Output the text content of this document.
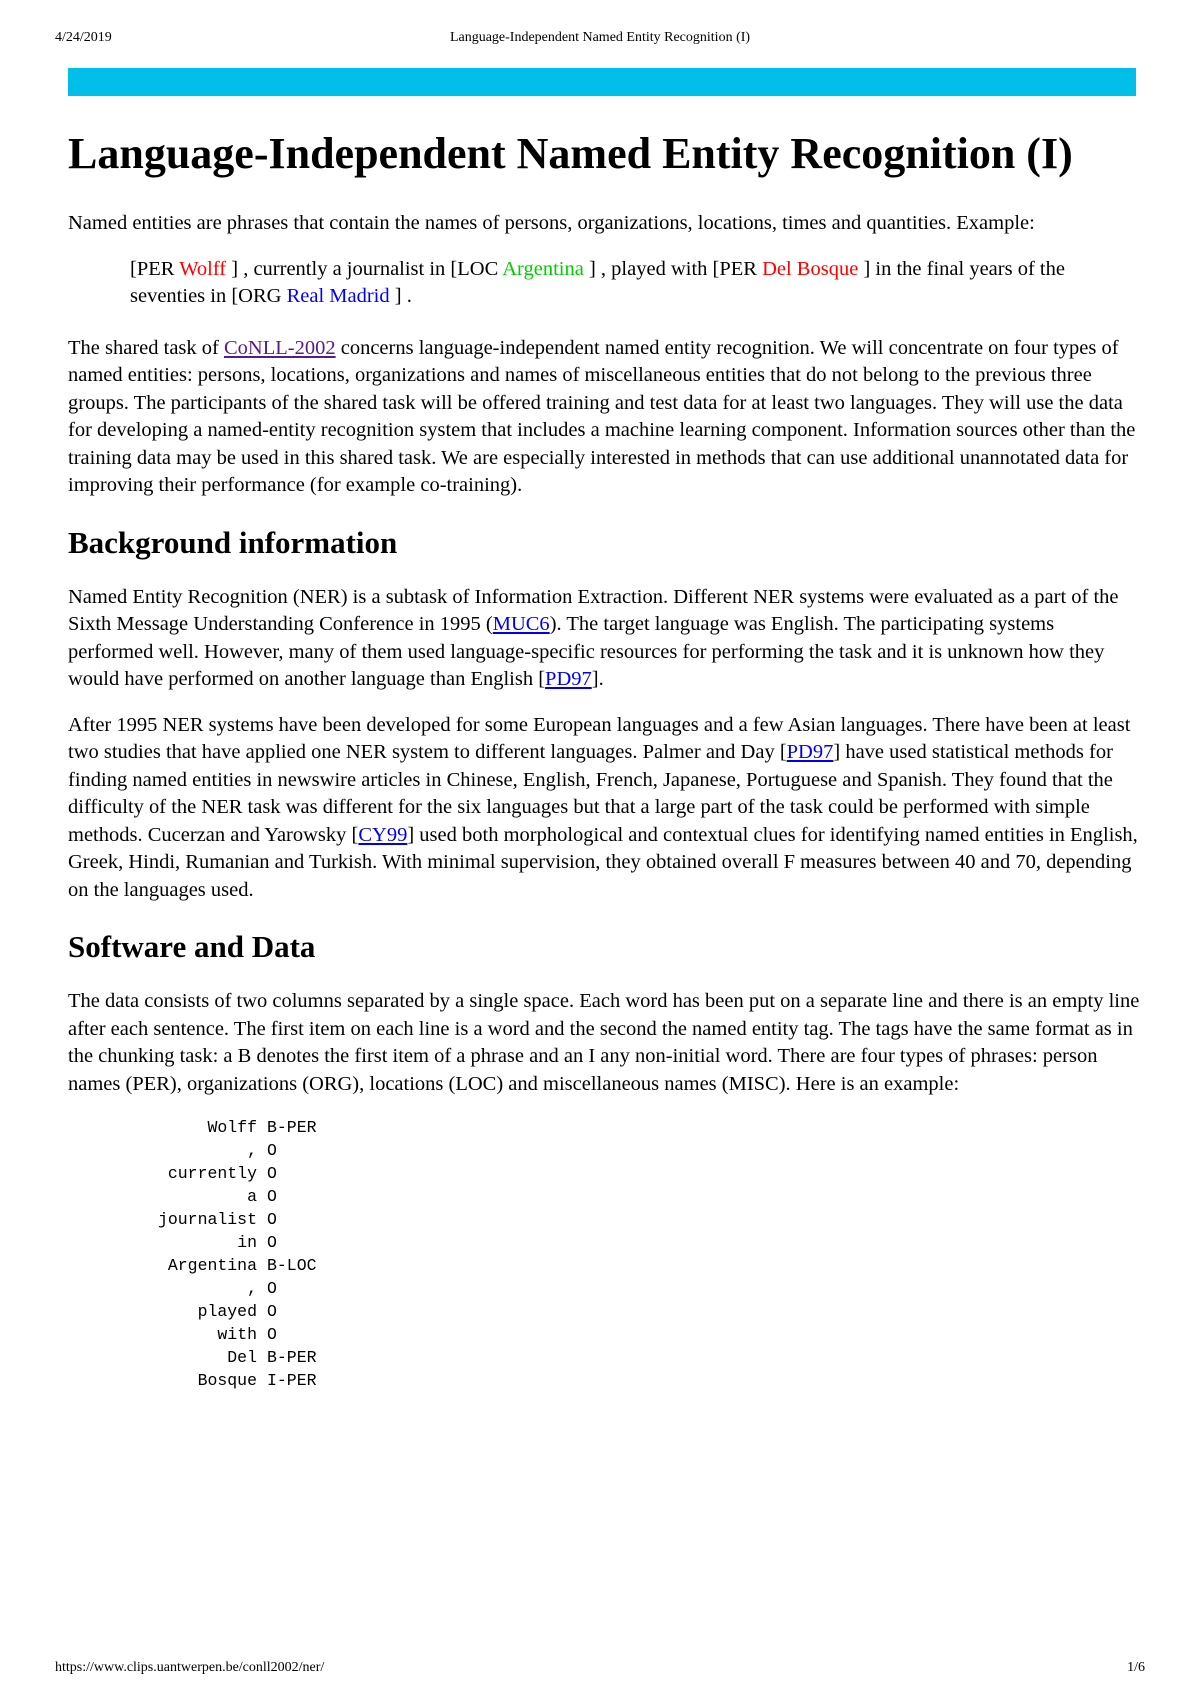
4/24/2019	Language-Independent Named Entity Recognition (I)
Language-Independent Named Entity Recognition (I)

Named entities are phrases that contain the names of persons, organizations, locations, times and quantities. Example:

[PER Wolff ] , currently a journalist in [LOC Argentina ] , played with [PER Del Bosque ] in the final years of the seventies in [ORG Real Madrid ] .

The shared task of CoNLL-2002 concerns language-independent named entity recognition. We will concentrate on four types of named entities: persons, locations, organizations and names of miscellaneous entities that do not belong to the previous three groups. The participants of the shared task will be offered training and test data for at least two languages. They will use the data for developing a named-entity recognition system that includes a machine learning component. Information sources other than the training data may be used in this shared task. We are especially interested in methods that can use additional unannotated data for improving their performance (for example co-training).

Background information

Named Entity Recognition (NER) is a subtask of Information Extraction. Different NER systems were evaluated as a part of the Sixth Message Understanding Conference in 1995 (MUC6). The target language was English. The participating systems performed well. However, many of them used language-specific resources for performing the task and it is unknown how they would have performed on another language than English [PD97].

After 1995 NER systems have been developed for some European languages and a few Asian languages. There have been at least two studies that have applied one NER system to different languages. Palmer and Day [PD97] have used statistical methods for finding named entities in newswire articles in Chinese, English, French, Japanese, Portuguese and Spanish. They found that the difficulty of the NER task was different for the six languages but that a large part of the task could be performed with simple methods. Cucerzan and Yarowsky [CY99] used both morphological and contextual clues for identifying named entities in English, Greek, Hindi, Rumanian and Turkish. With minimal supervision, they obtained overall F measures between 40 and 70, depending on the languages used.

Software and Data

The data consists of two columns separated by a single space. Each word has been put on a separate line and there is an empty line after each sentence. The first item on each line is a word and the second the named entity tag. The tags have the same format as in the chunking task: a B denotes the first item of a phrase and an I any non-initial word. There are four types of phrases: person names (PER), organizations (ORG), locations (LOC) and miscellaneous names (MISC). Here is an example:

Wolff B-PER
, O
currently O
a O
journalist O
in O
Argentina B-LOC
, O
played O
with O
Del B-PER
Bosque I-PER
https://www.clips.uantwerpen.be/conll2002/ner/	1/6
